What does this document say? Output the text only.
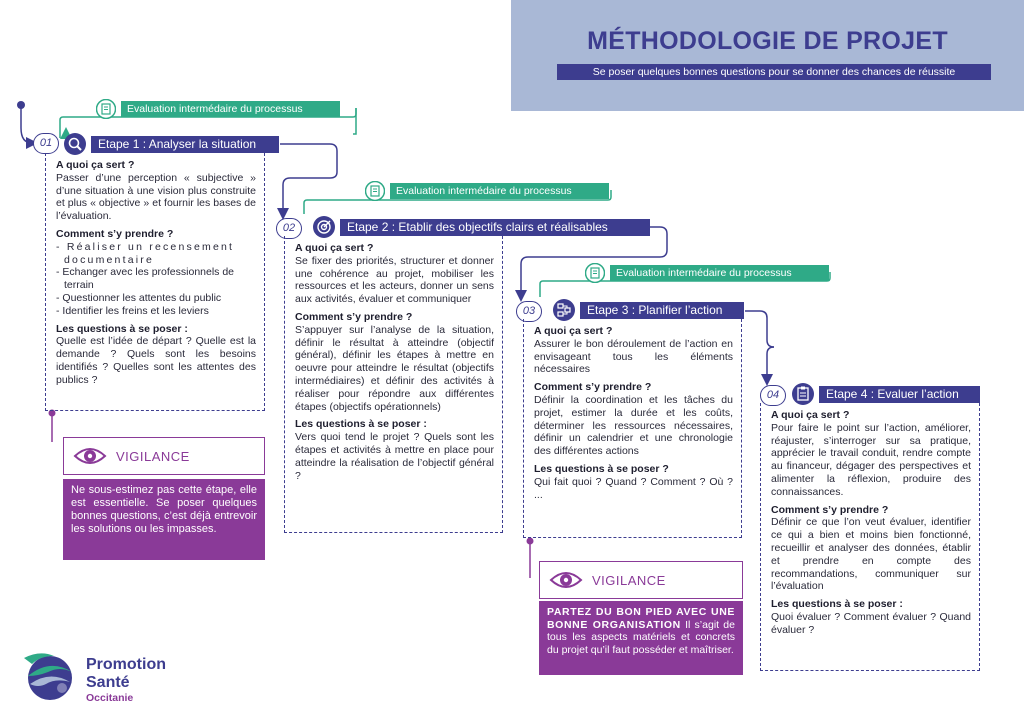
MÉTHODOLOGIE DE PROJET
Se poser quelques bonnes questions pour se donner des chances de réussite
Evaluation intermédaire du processus
Evaluation intermédaire du processus
Evaluation intermédaire du processus
01	Etape 1 : Analyser la situation
A quoi ça sert ?

Passer d’une perception « subjective » d’une situation à une vision plus construite et plus « objective » et fournir les bases de l’évaluation.

Comment s’y prendre ?
- Réaliser un recensement documentaire
- Echanger avec les professionnels de terrain
- Questionner les attentes du public
- Identifier les freins et les leviers
Les questions à se poser :

Quelle est l’idée de départ ? Quelle est la demande ? Quels sont les besoins identifiés ? Quelles sont les attentes des publics ?

02	Etape 2 : Etablir des objectifs clairs et réalisables
A quoi ça sert ?

Se fixer des priorités, structurer et donner une cohérence au projet, mobiliser les ressources et les acteurs, donner un sens aux activités, évaluer et communiquer

Comment s’y prendre ?

S’appuyer sur l’analyse de la situation, définir le résultat à atteindre (objectif général), définir les étapes à mettre en oeuvre pour atteindre le résultat (objectifs intermédiaires) et définir des activités à réaliser pour répondre aux différentes étapes (objectifs opérationnels)

Les questions à se poser :

Vers quoi tend le projet ? Quels sont les étapes et activités à mettre en place pour atteindre la réalisation de l’objectif général ?

03	Etape 3 : Planifier l’action
A quoi ça sert ?

Assurer le bon déroulement de l’action en envisageant tous les éléments nécessaires

Comment s’y prendre ?

Définir la coordination et les tâches du projet, estimer la durée et les coûts, déterminer les ressources nécessaires, définir un calendrier et une chronologie des différentes actions

Les questions à se poser ?

Qui fait quoi ? Quand ? Comment ? Où ? ...

04	Etape 4 : Evaluer l’action
A quoi ça sert ?

Pour faire le point sur l’action, améliorer, réajuster, s’interroger sur sa pratique, apprécier le travail conduit, rendre compte au financeur, dégager des perspectives et alimenter la réflexion, produire des connaissances.

Comment s’y prendre ?

Définir ce que l’on veut évaluer, identifier ce qui a bien et moins bien fonctionné, recueillir et analyser des données, établir et prendre en compte des recommandations, communiquer sur l’évaluation

Les questions à se poser :

Quoi évaluer ? Comment évaluer ? Quand évaluer ?

VIGILANCE
Ne sous-estimez pas cette étape, elle est essentielle. Se poser quelques bonnes questions, c’est déjà entrevoir les solutions ou les impasses.
VIGILANCE
PARTEZ DU BON PIED AVEC UNE BONNE ORGANISATION Il s’agit de tous les aspects matériels et concrets du projet qu’il faut posséder et maîtriser.
Promotion
Santé
Occitanie
